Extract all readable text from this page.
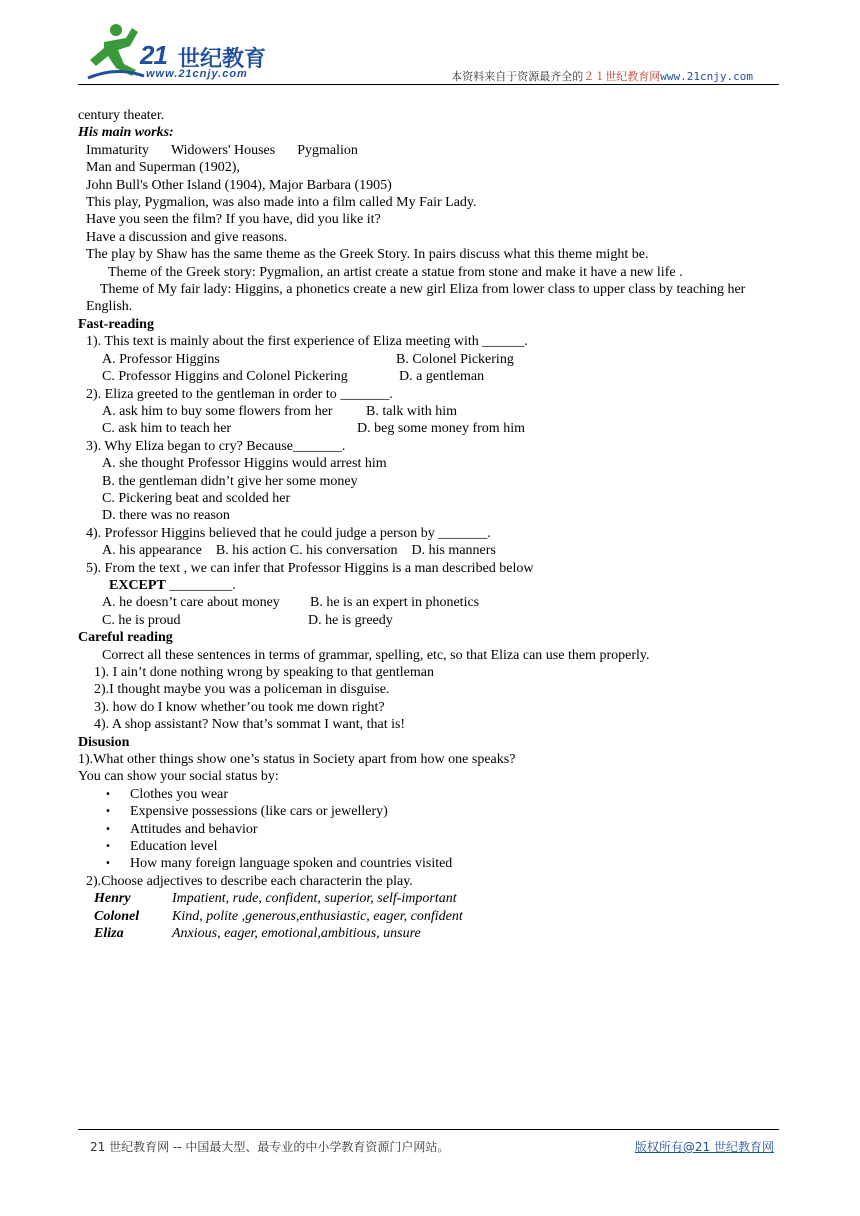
21 世纪教育
www.21cnjy.com	本资料来自于资源最齐全的２１世纪教育网www.21cnjy.com
century theater.
His main works:
Immaturity Widowers' Houses Pygmalion
Man and Superman (1902),
John Bull's Other Island (1904), Major Barbara (1905)
This play, Pygmalion, was also made into a film called My Fair Lady.
Have you seen the film? If you have, did you like it?
Have a discussion and give reasons.
The play by Shaw has the same theme as the Greek Story. In pairs discuss what this theme might be.
Theme of the Greek story: Pygmalion, an artist create a statue from stone and make it have a new life .
Theme of My fair lady: Higgins, a phonetics create a new girl Eliza from lower class to upper class by teaching her English.
Fast-reading
1). This text is mainly about the first experience of Eliza meeting with ______.
A. Professor Higgins	B. Colonel Pickering
C. Professor Higgins and Colonel Pickering	D. a gentleman
2). Eliza greeted to the gentleman in order to _______.
A. ask him to buy some flowers from her B. talk with him
C. ask him to teach her	D. beg some money from him
3). Why Eliza began to cry? Because_______.
A. she thought Professor Higgins would arrest him
B. the gentleman didn’t give her some money
C. Pickering beat and scolded her
D. there was no reason
4). Professor Higgins believed that he could judge a person by _______.
A. his appearance    B. his action C. his conversation    D. his manners
5). From the text , we can infer that Professor Higgins is a man described below
EXCEPT _________.
A. he doesn’t care about money B. he is an expert in phonetics
C. he is proud	D. he is greedy
Careful reading
Correct all these sentences in terms of grammar, spelling, etc, so that Eliza can use them properly.
1). I ain’t done nothing wrong by speaking to that gentleman
2).I thought maybe you was a policeman in disguise.
3). how do I know whether’ou took me down right?
4). A shop assistant? Now that’s sommat I want, that is!
Disusion
1).What other things show one’s status in Society apart from how one speaks?
You can show your social status by:
• Clothes you wear
• Expensive possessions (like cars or jewellery)
• Attitudes and behavior
• Education level
• How many foreign language spoken and countries visited
2).Choose adjectives to describe each characterin the play.
Henry	Impatient, rude, confident, superior, self-important
Colonel Kind, polite ,generous,enthusiastic, eager, confident
Eliza	Anxious, eager, emotional,ambitious, unsure
21 世纪教育网 -- 中国最大型、最专业的中小学教育资源门户网站。	版权所有@21 世纪教育网
